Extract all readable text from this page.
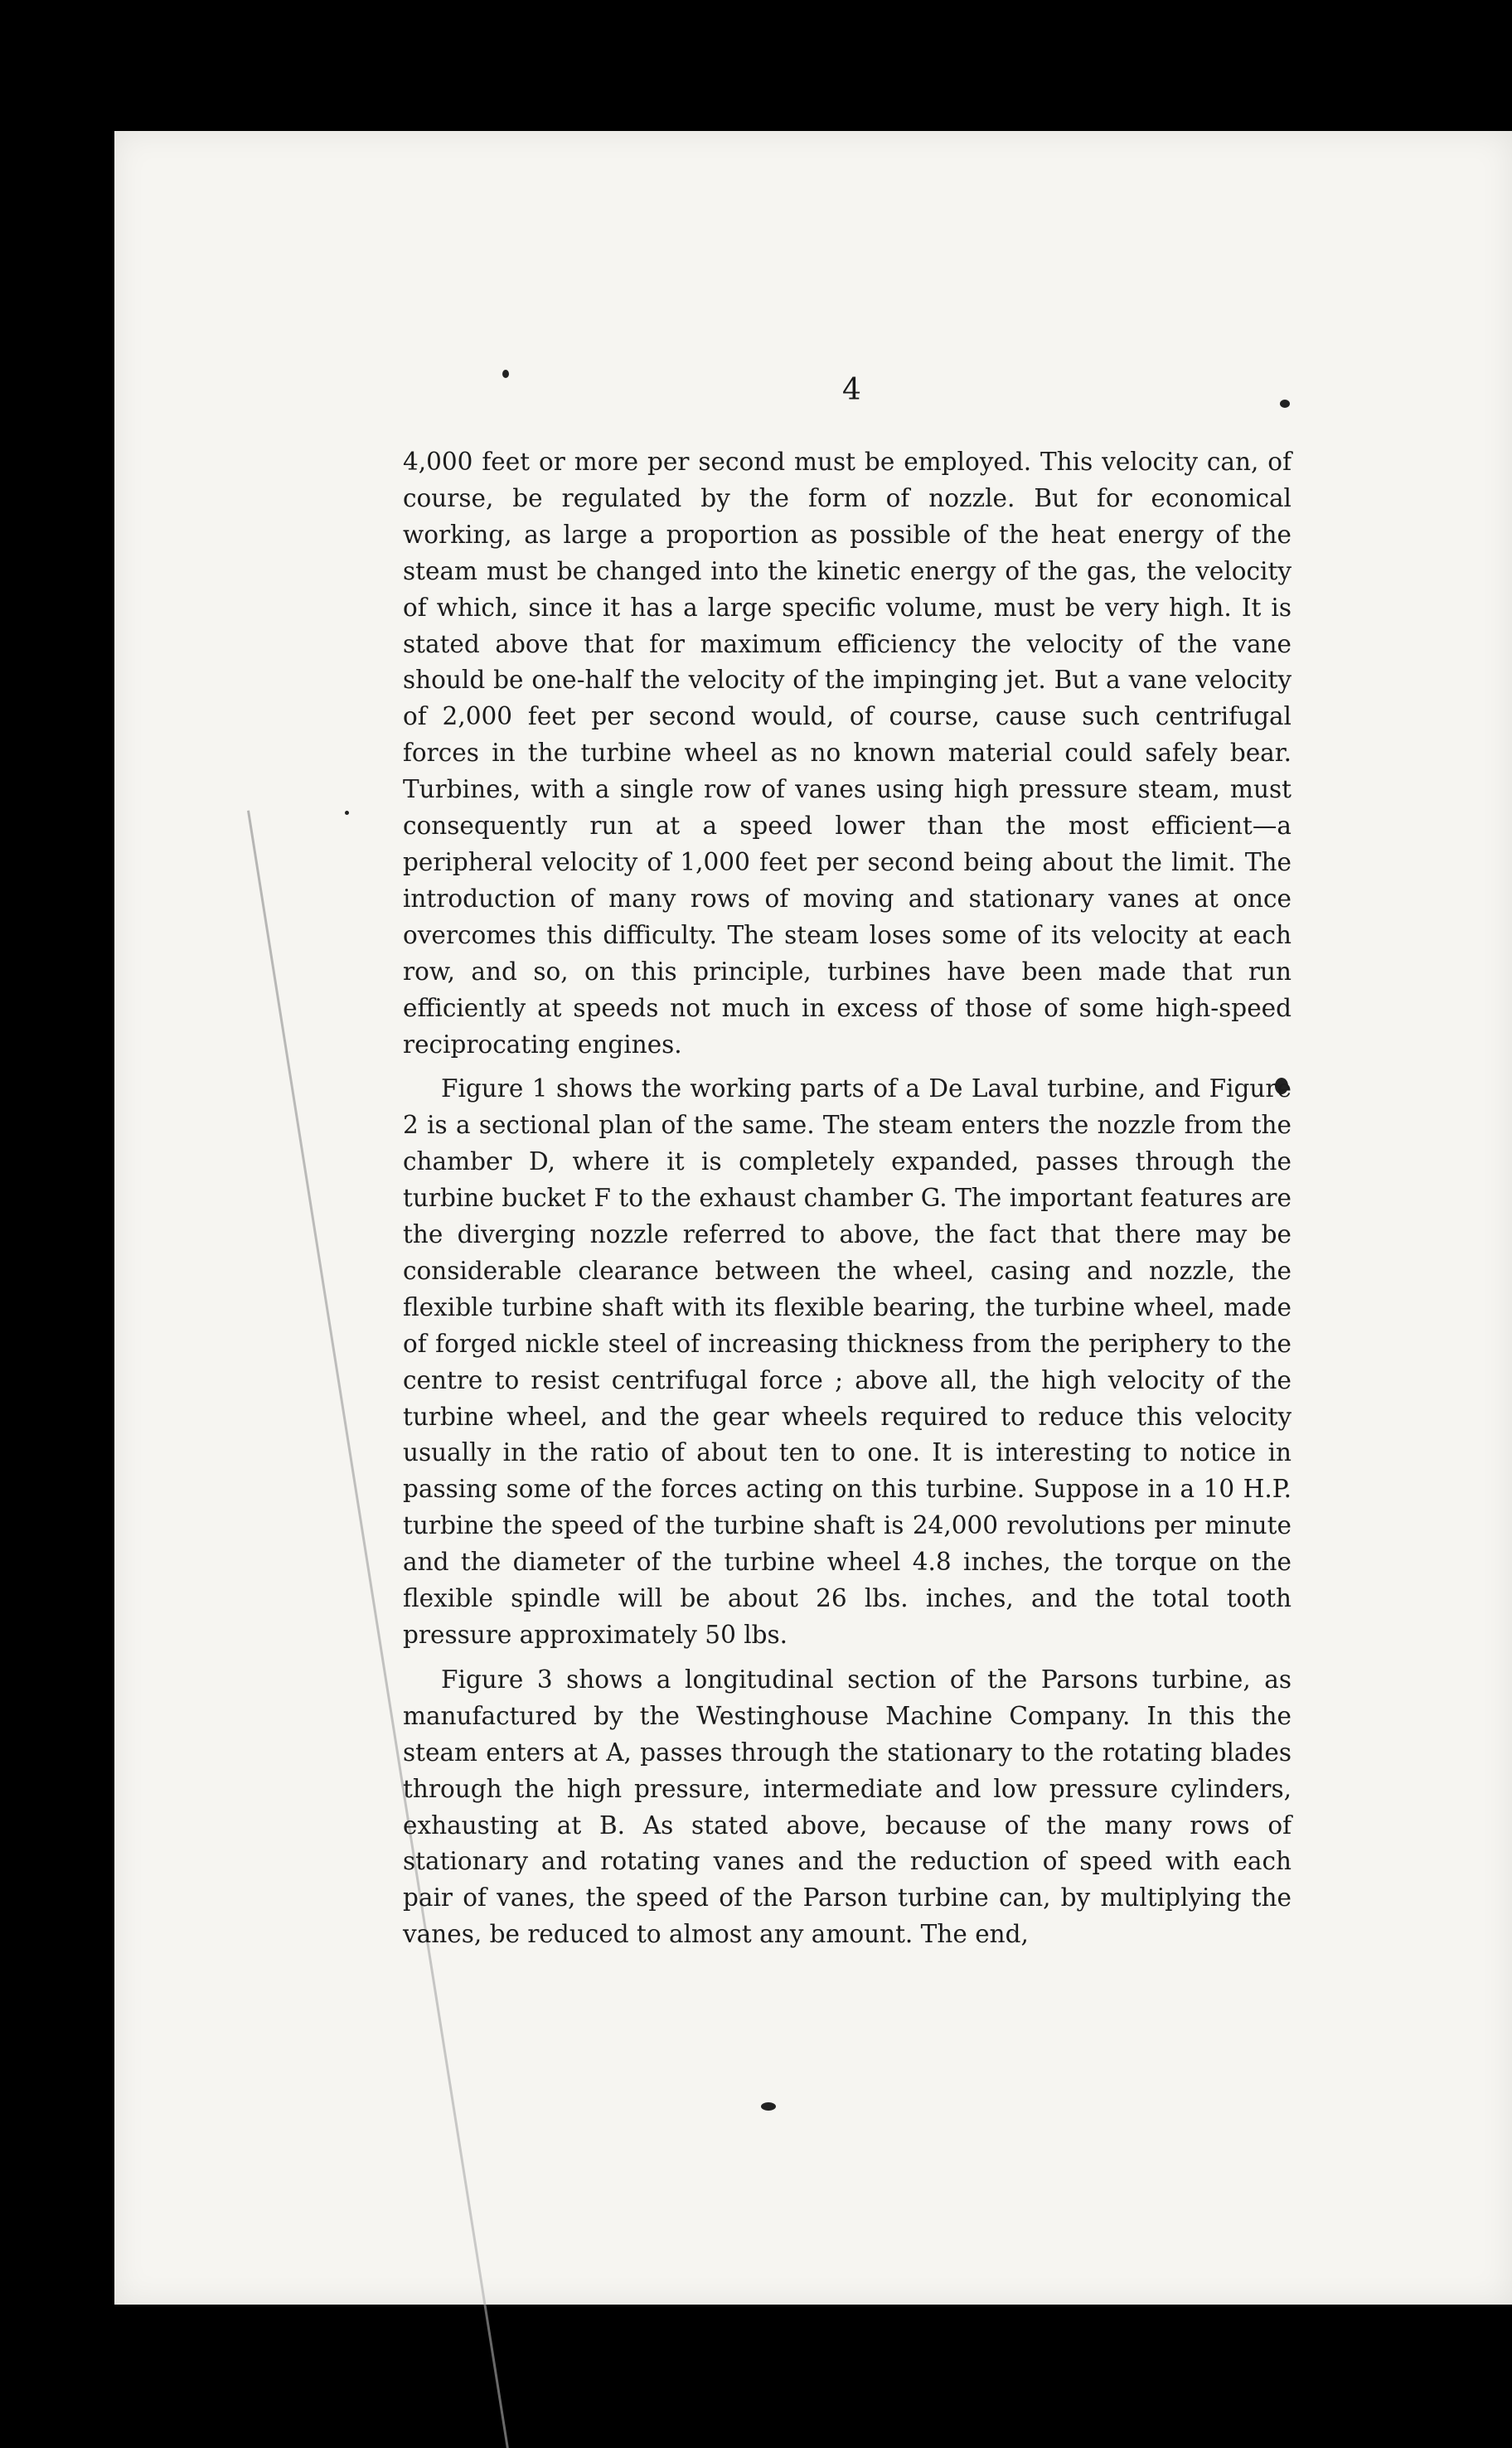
4

4,000 feet or more per second must be employed. This velocity can, of course, be regulated by the form of nozzle. But for economical working, as large a proportion as possible of the heat energy of the steam must be changed into the kinetic energy of the gas, the velocity of which, since it has a large specific volume, must be very high. It is stated above that for maximum efficiency the velocity of the vane should be one-half the velocity of the impinging jet. But a vane velocity of 2,000 feet per second would, of course, cause such centrifugal forces in the turbine wheel as no known material could safely bear. Turbines, with a single row of vanes using high pressure steam, must consequently run at a speed lower than the most efficient—a peripheral velocity of 1,000 feet per second being about the limit. The introduction of many rows of moving and stationary vanes at once overcomes this difficulty. The steam loses some of its velocity at each row, and so, on this principle, turbines have been made that run efficiently at speeds not much in excess of those of some high-speed reciprocating engines.

Figure 1 shows the working parts of a De Laval turbine, and Figure 2 is a sectional plan of the same. The steam enters the nozzle from the chamber D, where it is completely expanded, passes through the turbine bucket F to the exhaust chamber G. The important features are the diverging nozzle referred to above, the fact that there may be considerable clearance between the wheel, casing and nozzle, the flexible turbine shaft with its flexible bearing, the turbine wheel, made of forged nickle steel of increasing thickness from the periphery to the centre to resist centrifugal force ; above all, the high velocity of the turbine wheel, and the gear wheels required to reduce this velocity usually in the ratio of about ten to one. It is interesting to notice in passing some of the forces acting on this turbine. Suppose in a 10 H.P. turbine the speed of the turbine shaft is 24,000 revolutions per minute and the diameter of the turbine wheel 4.8 inches, the torque on the flexible spindle will be about 26 lbs. inches, and the total tooth pressure approximately 50 lbs.

Figure 3 shows a longitudinal section of the Parsons turbine, as manufactured by the Westinghouse Machine Company. In this the steam enters at A, passes through the stationary to the rotating blades through the high pressure, intermediate and low pressure cylinders, exhausting at B. As stated above, because of the many rows of stationary and rotating vanes and the reduction of speed with each pair of vanes, the speed of the Parson turbine can, by multiplying the vanes, be reduced to almost any amount. The end,
